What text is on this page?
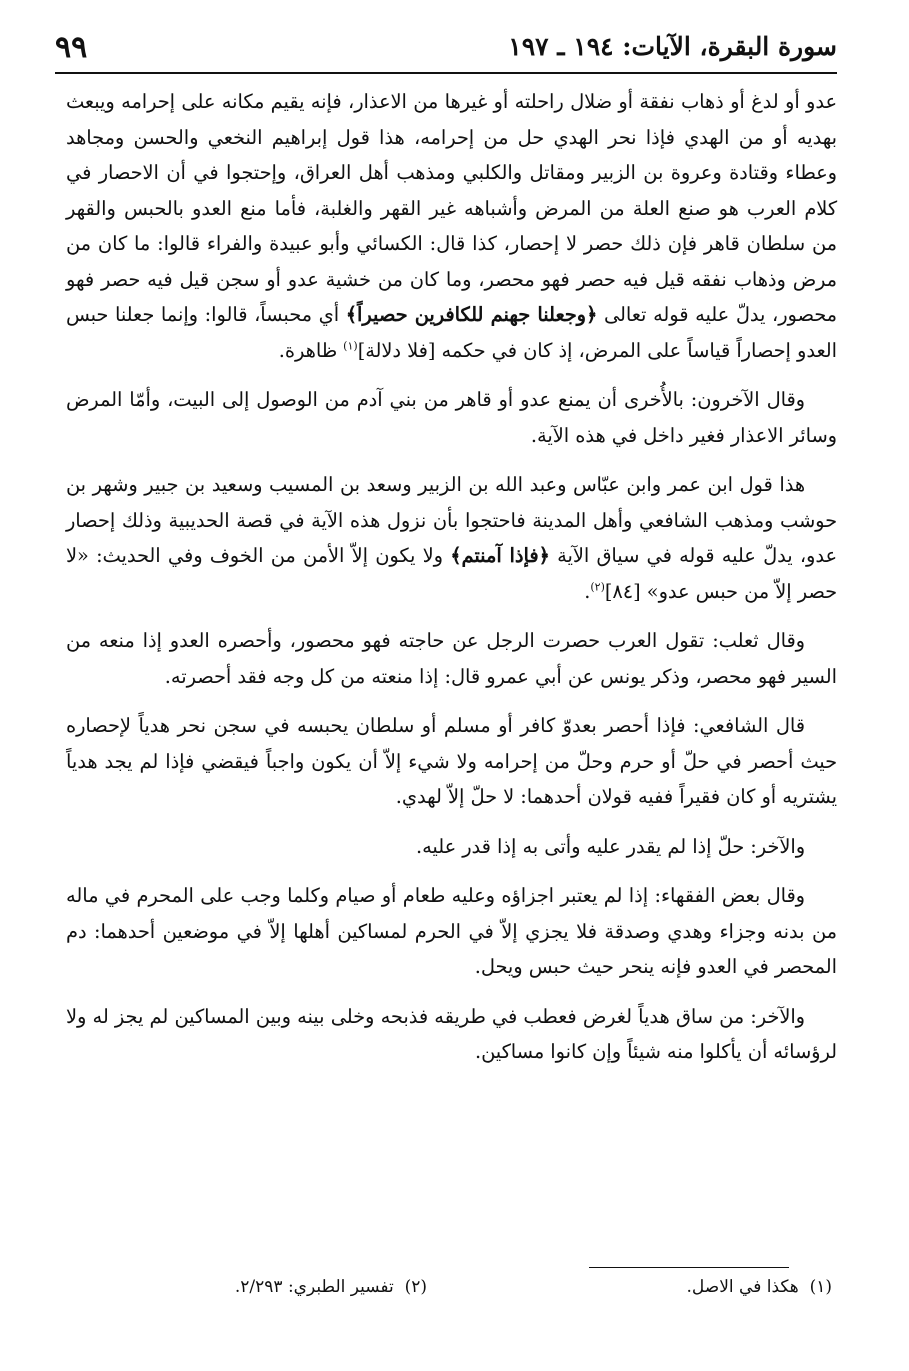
سورة البقرة، الآيات: ١٩٤ ـ ١٩٧
٩٩

عدو أو لدغ أو ذهاب نفقة أو ضلال راحلته أو غيرها من الاعذار، فإنه يقيم مكانه على إحرامه ويبعث بهديه أو من الهدي فإذا نحر الهدي حل من إحرامه، هذا قول إبراهيم النخعي والحسن ومجاهد وعطاء وقتادة وعروة بن الزبير ومقاتل والكلبي ومذهب أهل العراق، وإحتجوا في أن الاحصار في كلام العرب هو صنع العلة من المرض وأشباهه غير القهر والغلبة، فأما منع العدو بالحبس والقهر من سلطان قاهر فإن ذلك حصر لا إحصار، كذا قال: الكسائي وأبو عبيدة والفراء قالوا: ما كان من مرض وذهاب نفقه قيل فيه حصر فهو محصر، وما كان من خشية عدو أو سجن قيل فيه حصر فهو محصور، يدلّ عليه قوله تعالى ﴿وجعلنا جهنم للكافرين حصيراً﴾ أي محبساً، قالوا: وإنما جعلنا حبس العدو إحصاراً قياساً على المرض، إذ كان في حكمه [فلا دلالة]$^{(١)}$ ظاهرة.

وقال الآخرون: بالأُخرى أن يمنع عدو أو قاهر من بني آدم من الوصول إلى البيت، وأمّا المرض وسائر الاعذار فغير داخل في هذه الآية.

هذا قول ابن عمر وابن عبّاس وعبد الله بن الزبير وسعد بن المسيب وسعيد بن جبير وشهر بن حوشب ومذهب الشافعي وأهل المدينة فاحتجوا بأن نزول هذه الآية في قصة الحديبية وذلك إحصار عدو، يدلّ عليه قوله في سياق الآية ﴿فإذا آمنتم﴾ ولا يكون إلاّ الأمن من الخوف وفي الحديث: «لا حصر إلاّ من حبس عدو» [٨٤]$^{(٢)}$.

وقال ثعلب: تقول العرب حصرت الرجل عن حاجته فهو محصور، وأحصره العدو إذا منعه من السير فهو محصر، وذكر يونس عن أبي عمرو قال: إذا منعته من كل وجه فقد أحصرته.

قال الشافعي: فإذا أحصر بعدوّ كافر أو مسلم أو سلطان يحبسه في سجن نحر هدياً لإحصاره حيث أحصر في حلّ أو حرم وحلّ من إحرامه ولا شيء إلاّ أن يكون واجباً فيقضي فإذا لم يجد هدياً يشتريه أو كان فقيراً ففيه قولان أحدهما: لا حلّ إلاّ لهدي.

والآخر: حلّ إذا لم يقدر عليه وأتى به إذا قدر عليه.

وقال بعض الفقهاء: إذا لم يعتبر اجزاؤه وعليه طعام أو صيام وكلما وجب على المحرم في ماله من بدنه وجزاء وهدي وصدقة فلا يجزي إلاّ في الحرم لمساكين أهلها إلاّ في موضعين أحدهما: دم المحصر في العدو فإنه ينحر حيث حبس ويحل.

والآخر: من ساق هدياً لغرض فعطب في طريقه فذبحه وخلى بينه وبين المساكين لم يجز له ولا لرؤسائه أن يأكلوا منه شيئاً وإن كانوا مساكين.

(١)  هكذا في الاصل.
(٢)  تفسير الطبري: ٢/٢٩٣.
